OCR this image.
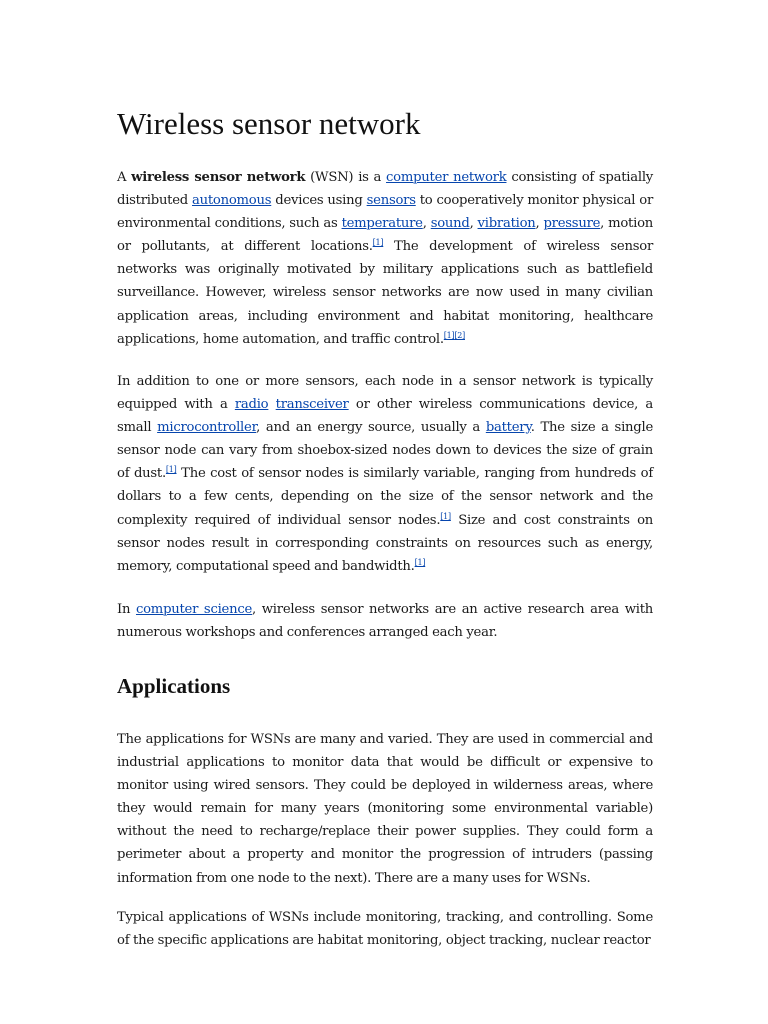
Wireless sensor network

A wireless sensor network (WSN) is a computer network consisting of spatially distributed autonomous devices using sensors to cooperatively monitor physical or environmental conditions, such as temperature, sound, vibration, pressure, motion or pollutants, at different locations.[1] The development of wireless sensor networks was originally motivated by military applications such as battlefield surveillance. However, wireless sensor networks are now used in many civilian application areas, including environment and habitat monitoring, healthcare applications, home automation, and traffic control.[1][2]

In addition to one or more sensors, each node in a sensor network is typically equipped with a radio transceiver or other wireless communications device, a small microcontroller, and an energy source, usually a battery. The size a single sensor node can vary from shoebox-sized nodes down to devices the size of grain of dust.[1] The cost of sensor nodes is similarly variable, ranging from hundreds of dollars to a few cents, depending on the size of the sensor network and the complexity required of individual sensor nodes.[1] Size and cost constraints on sensor nodes result in corresponding constraints on resources such as energy, memory, computational speed and bandwidth.[1]

In computer science, wireless sensor networks are an active research area with numerous workshops and conferences arranged each year.

Applications

The applications for WSNs are many and varied. They are used in commercial and industrial applications to monitor data that would be difficult or expensive to monitor using wired sensors. They could be deployed in wilderness areas, where they would remain for many years (monitoring some environmental variable) without the need to recharge/replace their power supplies. They could form a perimeter about a property and monitor the progression of intruders (passing information from one node to the next). There are a many uses for WSNs.

Typical applications of WSNs include monitoring, tracking, and controlling. Some of the specific applications are habitat monitoring, object tracking, nuclear reactor
